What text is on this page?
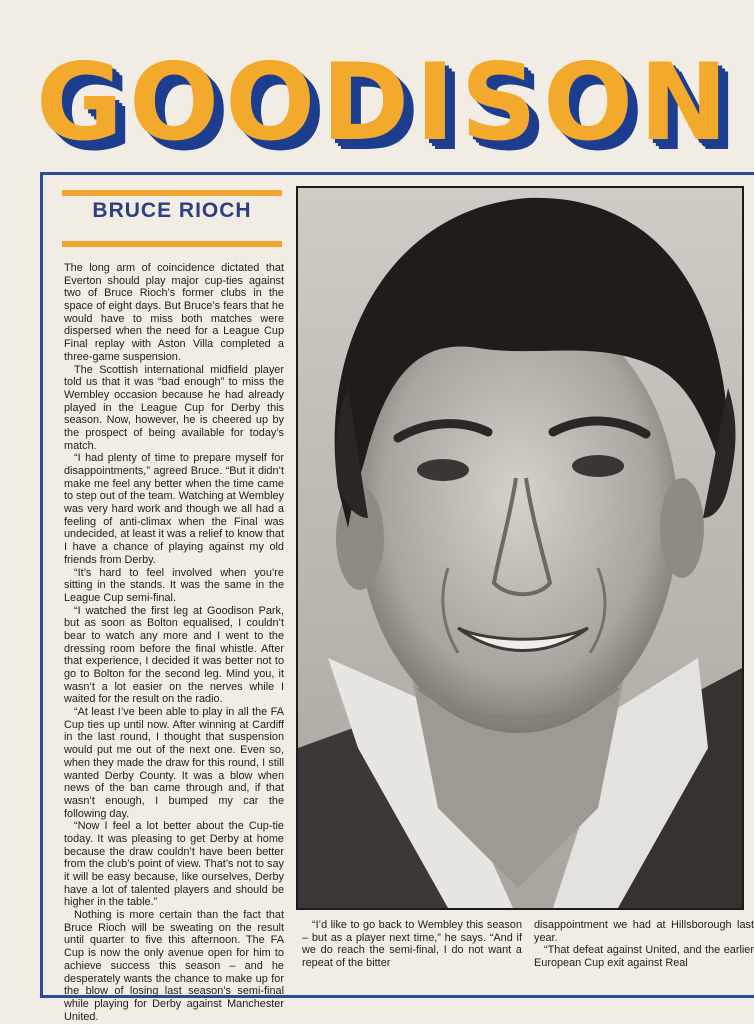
GOODISON
BRUCE RIOCH

The long arm of coincidence dictated that Everton should play major cup-ties against two of Bruce Rioch’s former clubs in the space of eight days. But Bruce’s fears that he would have to miss both matches were dispersed when the need for a League Cup Final replay with Aston Villa completed a three-game suspension.

The Scottish international midfield player told us that it was “bad enough” to miss the Wembley occasion because he had already played in the League Cup for Derby this season. Now, however, he is cheered up by the prospect of being available for today’s match.

“I had plenty of time to prepare myself for disappointments,” agreed Bruce. “But it didn’t make me feel any better when the time came to step out of the team. Watching at Wembley was very hard work and though we all had a feeling of anti-climax when the Final was undecided, at least it was a relief to know that I have a chance of playing against my old friends from Derby.

“It’s hard to feel involved when you’re sitting in the stands. It was the same in the League Cup semi-final.

“I watched the first leg at Goodison Park, but as soon as Bolton equalised, I couldn’t bear to watch any more and I went to the dressing room before the final whistle. After that experience, I decided it was better not to go to Bolton for the second leg. Mind you, it wasn’t a lot easier on the nerves while I waited for the result on the radio.

“At least I’ve been able to play in all the FA Cup ties up until now. After winning at Cardiff in the last round, I thought that suspension would put me out of the next one. Even so, when they made the draw for this round, I still wanted Derby County. It was a blow when news of the ban came through and, if that wasn’t enough, I bumped my car the following day.

“Now I feel a lot better about the Cup-tie today. It was pleasing to get Derby at home because the draw couldn’t have been better from the club’s point of view. That’s not to say it will be easy because, like ourselves, Derby have a lot of talented players and should be higher in the table.”

Nothing is more certain than the fact that Bruce Rioch will be sweating on the result until quarter to five this afternoon. The FA Cup is now the only avenue open for him to achieve success this season – and he desperately wants the chance to make up for the blow of losing last season’s semi-final while playing for Derby against Manchester United.

“I’d like to go back to Wembley this season – but as a player next time,” he says. “And if we do reach the semi-final, I do not want a repeat of the bitter

disappointment we had at Hillsborough last year.

“That defeat against United, and the earlier European Cup exit against Real
